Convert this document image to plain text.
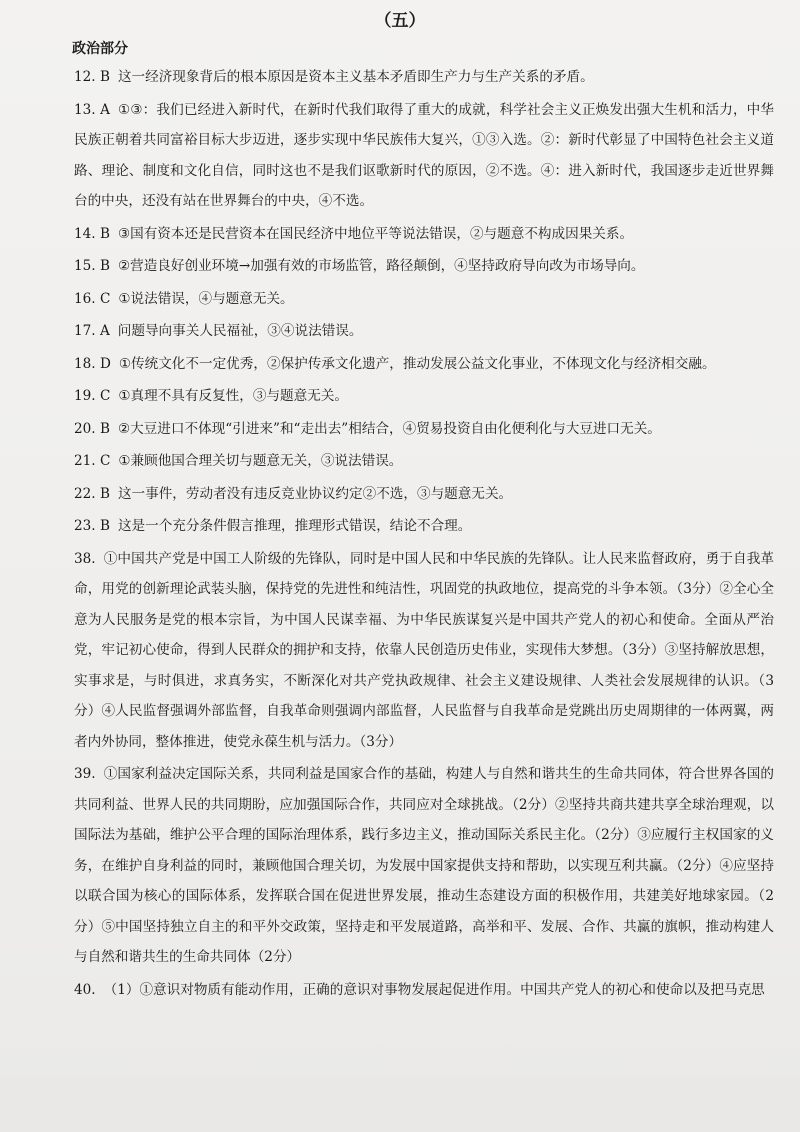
（五）
政治部分
12. B 这一经济现象背后的根本原因是资本主义基本矛盾即生产力与生产关系的矛盾。
13. A ①③：我们已经进入新时代，在新时代我们取得了重大的成就，科学社会主义正焕发出强大生机和活力，中华民族正朝着共同富裕目标大步迈进，逐步实现中华民族伟大复兴，①③入选。②：新时代彰显了中国特色社会主义道路、理论、制度和文化自信，同时这也不是我们讴歌新时代的原因，②不选。④：进入新时代，我国逐步走近世界舞台的中央，还没有站在世界舞台的中央，④不选。
14. B ③国有资本还是民营资本在国民经济中地位平等说法错误，②与题意不构成因果关系。
15. B ②营造良好创业环境→加强有效的市场监管，路径颠倒，④坚持政府导向改为市场导向。
16. C ①说法错误，④与题意无关。
17. A 问题导向事关人民福祉，③④说法错误。
18. D ①传统文化不一定优秀，②保护传承文化遗产，推动发展公益文化事业，不体现文化与经济相交融。
19. C ①真理不具有反复性，③与题意无关。
20. B ②大豆进口不体现“引进来”和“走出去”相结合，④贸易投资自由化便利化与大豆进口无关。
21. C ①兼顾他国合理关切与题意无关，③说法错误。
22. B 这一事件，劳动者没有违反竞业协议约定②不选，③与题意无关。
23. B 这是一个充分条件假言推理，推理形式错误，结论不合理。
38. ①中国共产党是中国工人阶级的先锋队，同时是中国人民和中华民族的先锋队。让人民来监督政府，勇于自我革命，用党的创新理论武装头脑，保持党的先进性和纯洁性，巩固党的执政地位，提高党的斗争本领。（3分）②全心全意为人民服务是党的根本宗旨，为中国人民谋幸福、为中华民族谋复兴是中国共产党人的初心和使命。全面从严治党，牢记初心使命，得到人民群众的拥护和支持，依靠人民创造历史伟业，实现伟大梦想。（3分）③坚持解放思想，实事求是，与时俱进，求真务实，不断深化对共产党执政规律、社会主义建设规律、人类社会发展规律的认识。（3分）④人民监督强调外部监督，自我革命则强调内部监督，人民监督与自我革命是党跳出历史周期律的一体两翼，两者内外协同，整体推进，使党永葆生机与活力。（3分）
39. ①国家利益决定国际关系，共同利益是国家合作的基础，构建人与自然和谐共生的生命共同体，符合世界各国的共同利益、世界人民的共同期盼，应加强国际合作，共同应对全球挑战。（2分）②坚持共商共建共享全球治理观，以国际法为基础，维护公平合理的国际治理体系，践行多边主义，推动国际关系民主化。（2分）③应履行主权国家的义务，在维护自身利益的同时，兼顾他国合理关切，为发展中国家提供支持和帮助，以实现互利共赢。（2分）④应坚持以联合国为核心的国际体系，发挥联合国在促进世界发展，推动生态建设方面的积极作用，共建美好地球家园。（2分）⑤中国坚持独立自主的和平外交政策，坚持走和平发展道路，高举和平、发展、合作、共赢的旗帜，推动构建人与自然和谐共生的生命共同体（2分）
40. （1）①意识对物质有能动作用，正确的意识对事物发展起促进作用。中国共产党人的初心和使命以及把马克思
